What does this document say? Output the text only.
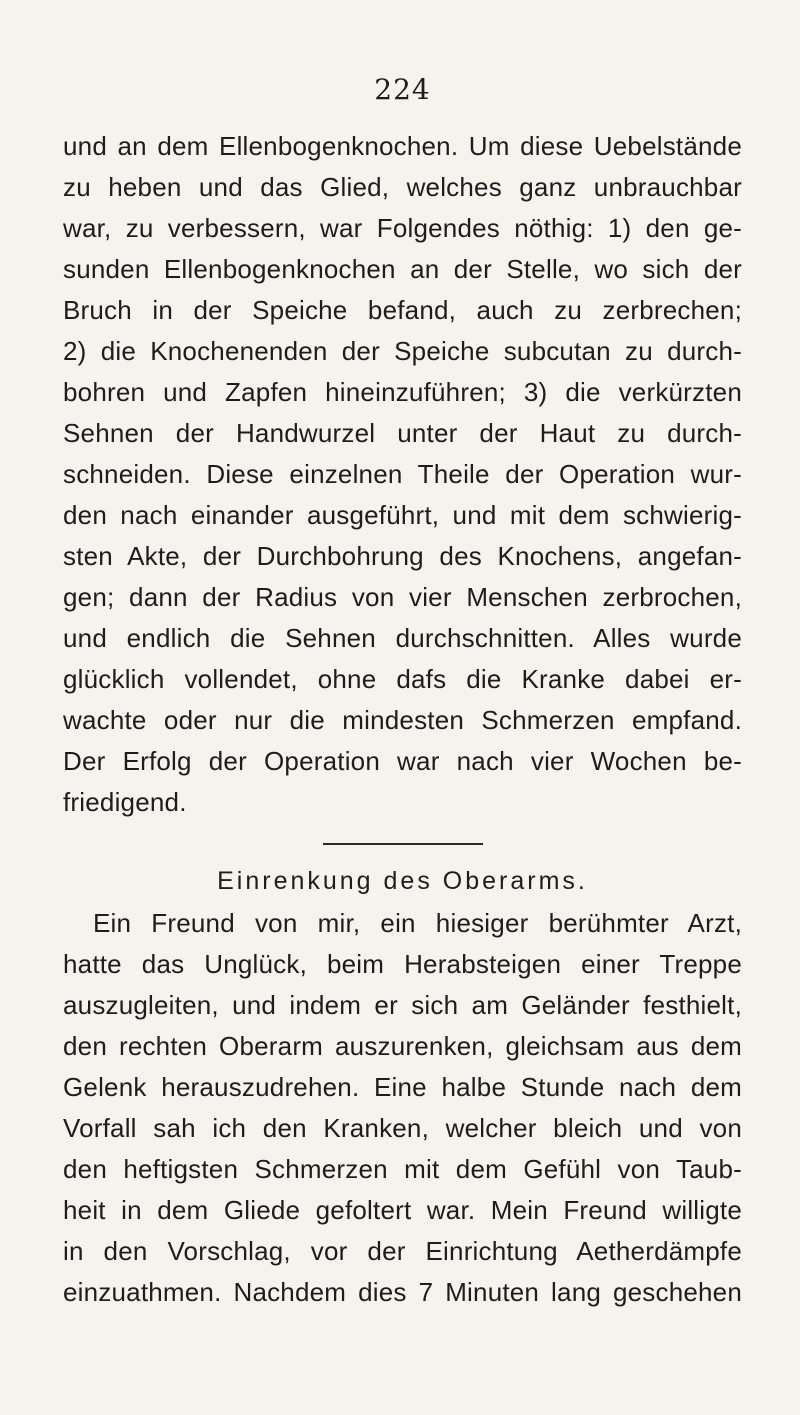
224
und an dem Ellenbogenknochen. Um diese Uebelstände
zu heben und das Glied, welches ganz unbrauchbar
war, zu verbessern, war Folgendes nöthig: 1) den ge-
sunden Ellenbogenknochen an der Stelle, wo sich der
Bruch in der Speiche befand, auch zu zerbrechen;
2) die Knochenenden der Speiche subcutan zu durch-
bohren und Zapfen hineinzuführen; 3) die verkürzten
Sehnen der Handwurzel unter der Haut zu durch-
schneiden. Diese einzelnen Theile der Operation wur-
den nach einander ausgeführt, und mit dem schwierig-
sten Akte, der Durchbohrung des Knochens, angefan-
gen; dann der Radius von vier Menschen zerbrochen,
und endlich die Sehnen durchschnitten. Alles wurde
glücklich vollendet, ohne dafs die Kranke dabei er-
wachte oder nur die mindesten Schmerzen empfand.
Der Erfolg der Operation war nach vier Wochen be-
friedigend.
Einrenkung des Oberarms.
Ein Freund von mir, ein hiesiger berühmter Arzt,
hatte das Unglück, beim Herabsteigen einer Treppe
auszugleiten, und indem er sich am Geländer festhielt,
den rechten Oberarm auszurenken, gleichsam aus dem
Gelenk herauszudrehen. Eine halbe Stunde nach dem
Vorfall sah ich den Kranken, welcher bleich und von
den heftigsten Schmerzen mit dem Gefühl von Taub-
heit in dem Gliede gefoltert war. Mein Freund willigte
in den Vorschlag, vor der Einrichtung Aetherdämpfe
einzuathmen. Nachdem dies 7 Minuten lang geschehen
